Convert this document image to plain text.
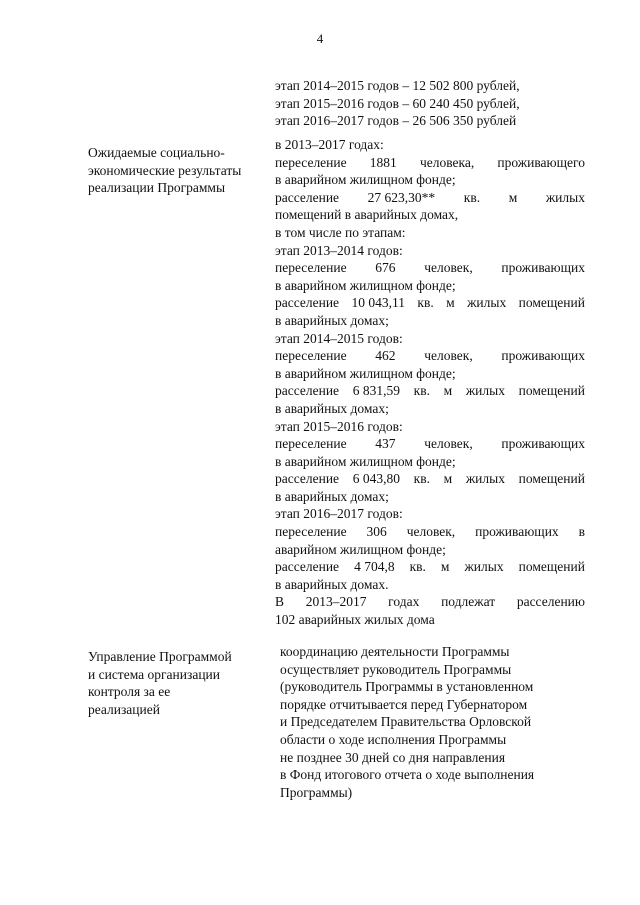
4
этап 2014–2015 годов – 12 502 800 рублей,
этап 2015–2016 годов – 60 240 450 рублей,
этап 2016–2017 годов – 26 506 350 рублей
Ожидаемые социально-
экономические результаты
реализации Программы
в 2013–2017 годах:
переселение 1881 человека, проживающего
в аварийном жилищном фонде;
расселение 27 623,30** кв. м жилых
помещений в аварийных домах,
в том числе по этапам:
этап 2013–2014 годов:
переселение 676 человек, проживающих
в аварийном жилищном фонде;
расселение 10 043,11 кв. м жилых помещений
в аварийных домах;
этап 2014–2015 годов:
переселение 462 человек, проживающих
в аварийном жилищном фонде;
расселение 6 831,59 кв. м жилых помещений
в аварийных домах;
этап 2015–2016 годов:
переселение 437 человек, проживающих
в аварийном жилищном фонде;
расселение 6 043,80 кв. м жилых помещений
в аварийных домах;
этап 2016–2017 годов:
переселение 306 человек, проживающих в
аварийном жилищном фонде;
расселение 4 704,8 кв. м жилых помещений
в аварийных домах.
В 2013–2017 годах подлежат расселению
102 аварийных жилых дома
Управление Программой
и система организации
контроля за ее
реализацией
координацию деятельности Программы
осуществляет руководитель Программы
(руководитель Программы в установленном
порядке отчитывается перед Губернатором
и Председателем Правительства Орловской
области о ходе исполнения Программы
не позднее 30 дней со дня направления
в Фонд итогового отчета о ходе выполнения
Программы)
